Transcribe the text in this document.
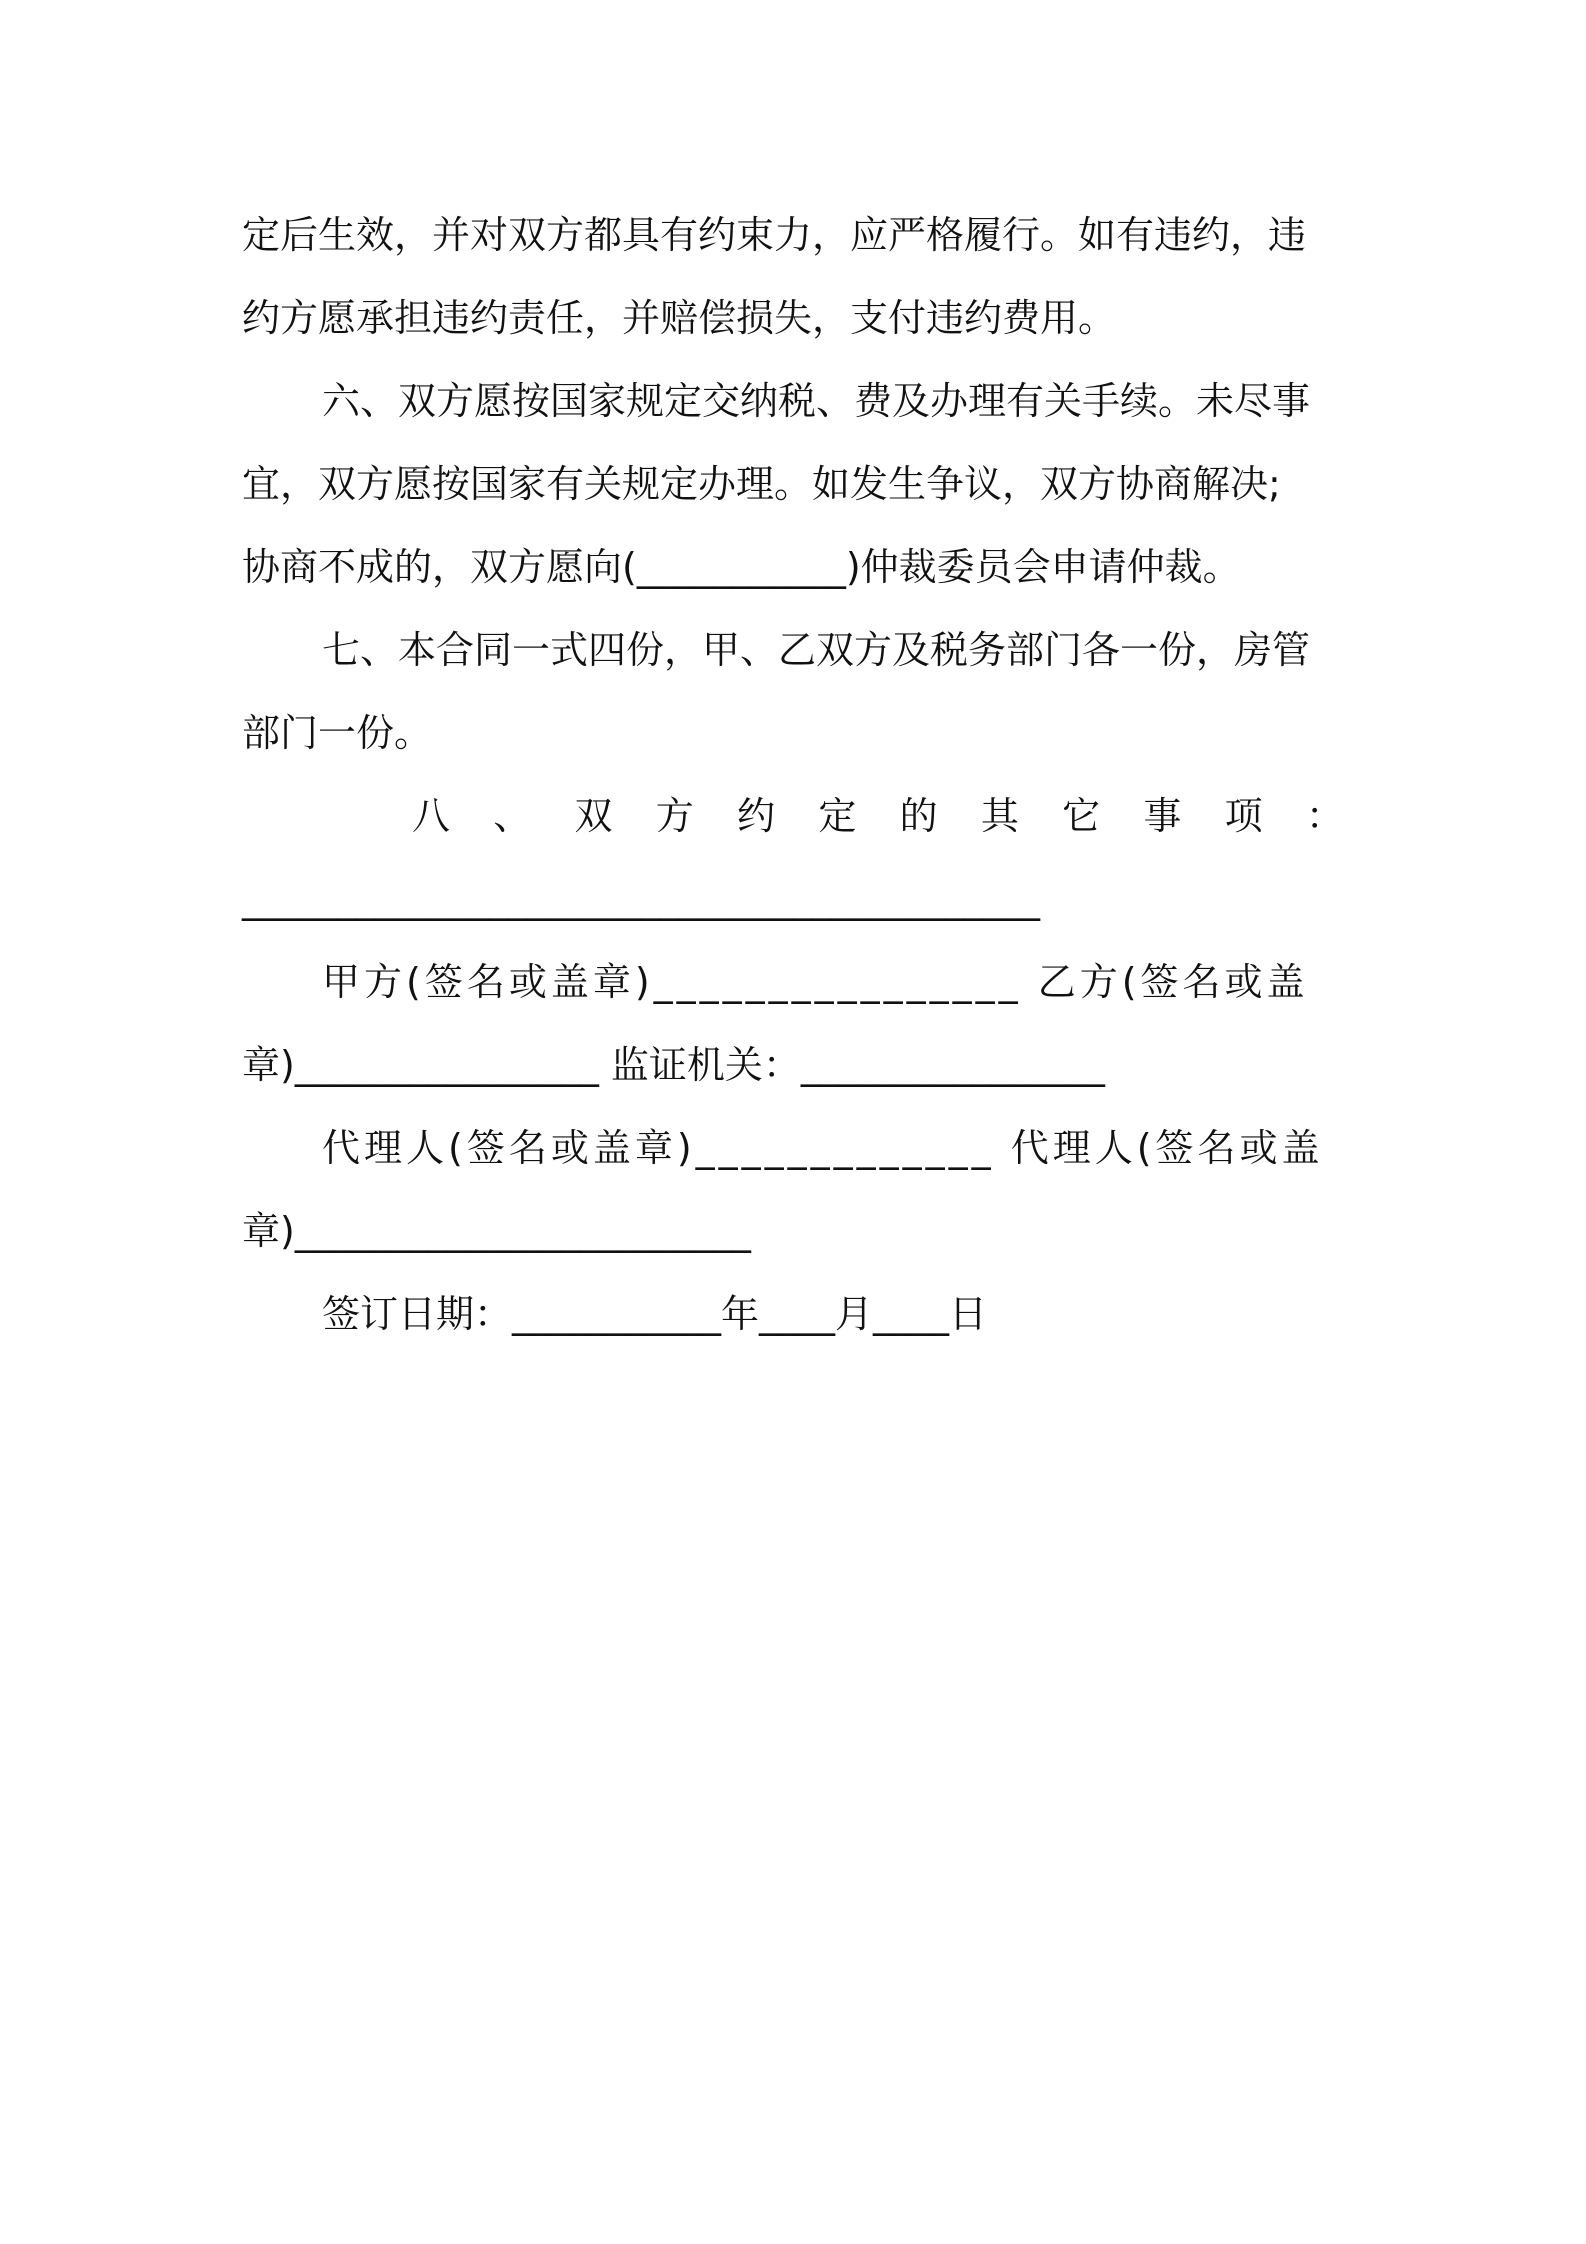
定后生效，并对双方都具有约束力，应严格履行。如有违约，违
约方愿承担违约责任，并赔偿损失，支付违约费用。
六、双方愿按国家规定交纳税、费及办理有关手续。未尽事
宜，双方愿按国家有关规定办理。如发生争议，双方协商解决;
协商不成的，双方愿向(___________)仲裁委员会申请仲裁。
七、本合同一式四份，甲、乙双方及税务部门各一份，房管
部门一份。
八 、 双 方 约 定 的 其 它 事 项 ：
__________________________________________
甲方(签名或盖章)________________ 乙方(签名或盖
章)________________ 监证机关：________________
代理人(签名或盖章)_____________ 代理人(签名或盖
章)________________________
签订日期：___________年____月____日
